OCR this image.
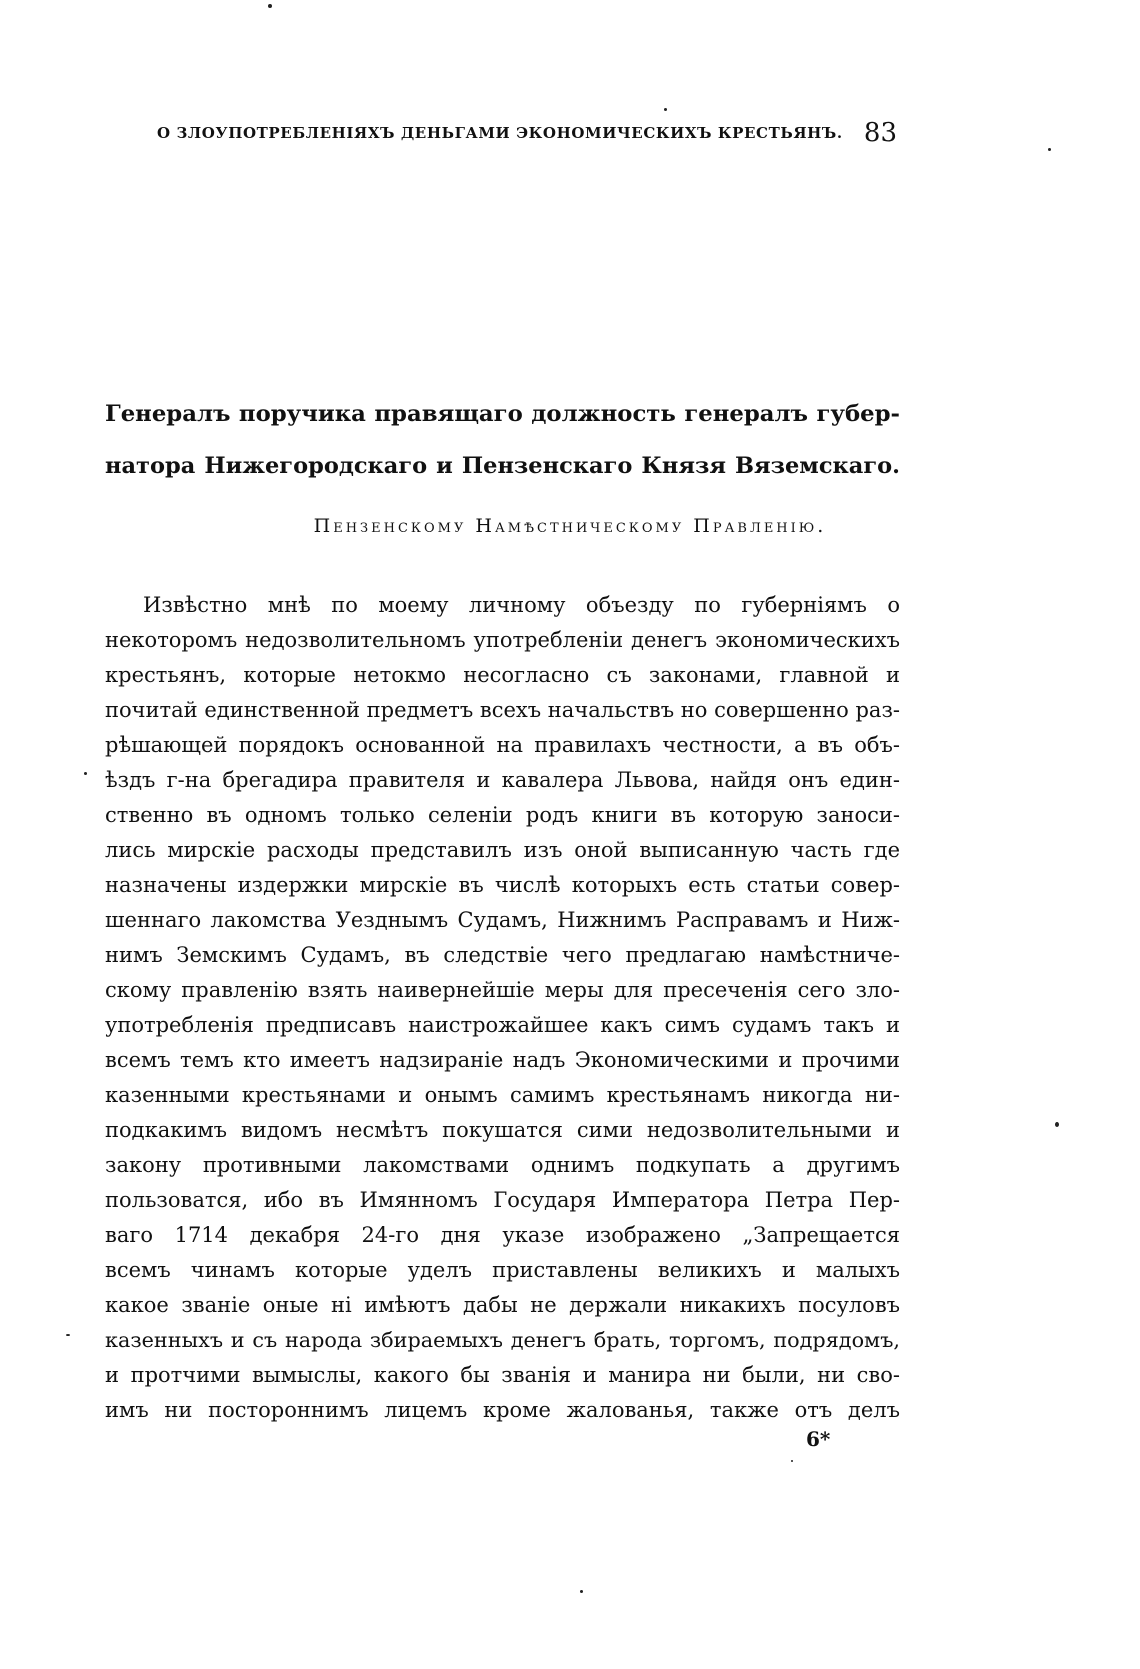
О ЗЛОУПОТРЕБЛЕНІЯХЪ ДЕНЬГАМИ ЭКОНОМИЧЕСКИХЪ КРЕСТЬЯНЪ. 83
Генералъ поручика правящаго должность генералъ губер-
натора Нижегородскаго и Пензенскаго Князя Вяземскаго.
Пензенскому Намѣстническому Правленію.
Извѣстно мнѣ по моему личному объезду по губерніямъ о
некоторомъ недозволительномъ употребленіи денегъ экономическихъ
крестьянъ, которые нетокмо несогласно съ законами, главной и
почитай единственной предметъ всехъ начальствъ но совершенно раз-
рѣшающей порядокъ основанной на правилахъ честности, а въ объ-
ѣздъ г-на брегадира правителя и кавалера Львова, найдя онъ един-
ственно въ одномъ только селеніи родъ книги въ которую заноси-
лись мирскіе расходы представилъ изъ оной выписанную часть где
назначены издержки мирскіе въ числѣ которыхъ есть статьи совер-
шеннаго лакомства Уезднымъ Судамъ, Нижнимъ Расправамъ и Ниж-
нимъ Земскимъ Судамъ, въ следствіе чего предлагаю намѣстниче-
скому правленію взять наивернейшіе меры для пресеченія сего зло-
употребленія предписавъ наистрожайшее какъ симъ судамъ такъ и
всемъ темъ кто имеетъ надзираніе надъ Экономическими и прочими
казенными крестьянами и онымъ самимъ крестьянамъ никогда ни-
подкакимъ видомъ несмѣтъ покушатся сими недозволительными и
закону противными лакомствами однимъ подкупать а другимъ
пользоватся, ибо въ Имянномъ Государя Императора Петра Пер-
ваго 1714 декабря 24-го дня указе изображено „Запрещается
всемъ чинамъ которые уделъ приставлены великихъ и малыхъ
какое званіе оные ні имѣютъ дабы не держали никакихъ посуловъ
казенныхъ и съ народа збираемыхъ денегъ брать, торгомъ, подрядомъ,
и протчими вымыслы, какого бы званія и манира ни были, ни сво-
имъ ни постороннимъ лицемъ кроме жалованья, также отъ делъ
6*
